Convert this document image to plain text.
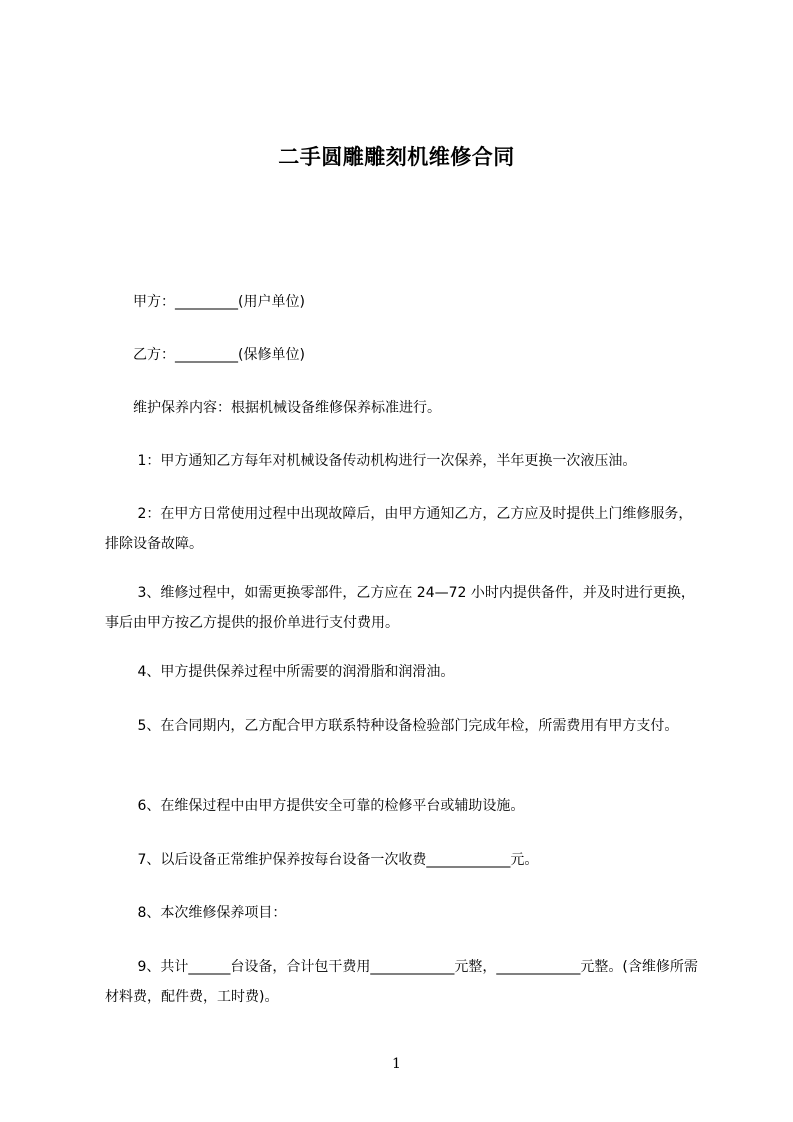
二手圆雕雕刻机维修合同
　　甲方：_________(用户单位)
　　乙方：_________(保修单位)
　　维护保养内容：根据机械设备维修保养标准进行。
　　 1：甲方通知乙方每年对机械设备传动机构进行一次保养，半年更换一次液压油。
　　 2：在甲方日常使用过程中出现故障后，由甲方通知乙方，乙方应及时提供上门维修服务，排除设备故障。
　　 3、维修过程中，如需更换零部件，乙方应在 24—72 小时内提供备件，并及时进行更换，事后由甲方按乙方提供的报价单进行支付费用。
　　 4、甲方提供保养过程中所需要的润滑脂和润滑油。
　　 5、在合同期内，乙方配合甲方联系特种设备检验部门完成年检，所需费用有甲方支付。
　　 6、在维保过程中由甲方提供安全可靠的检修平台或辅助设施。
　　 7、以后设备正常维护保养按每台设备一次收费____________元。
　　 8、本次维修保养项目：
　　 9、共计______台设备，合计包干费用____________元整，____________元整。(含维修所需材料费，配件费，工时费)。
1
